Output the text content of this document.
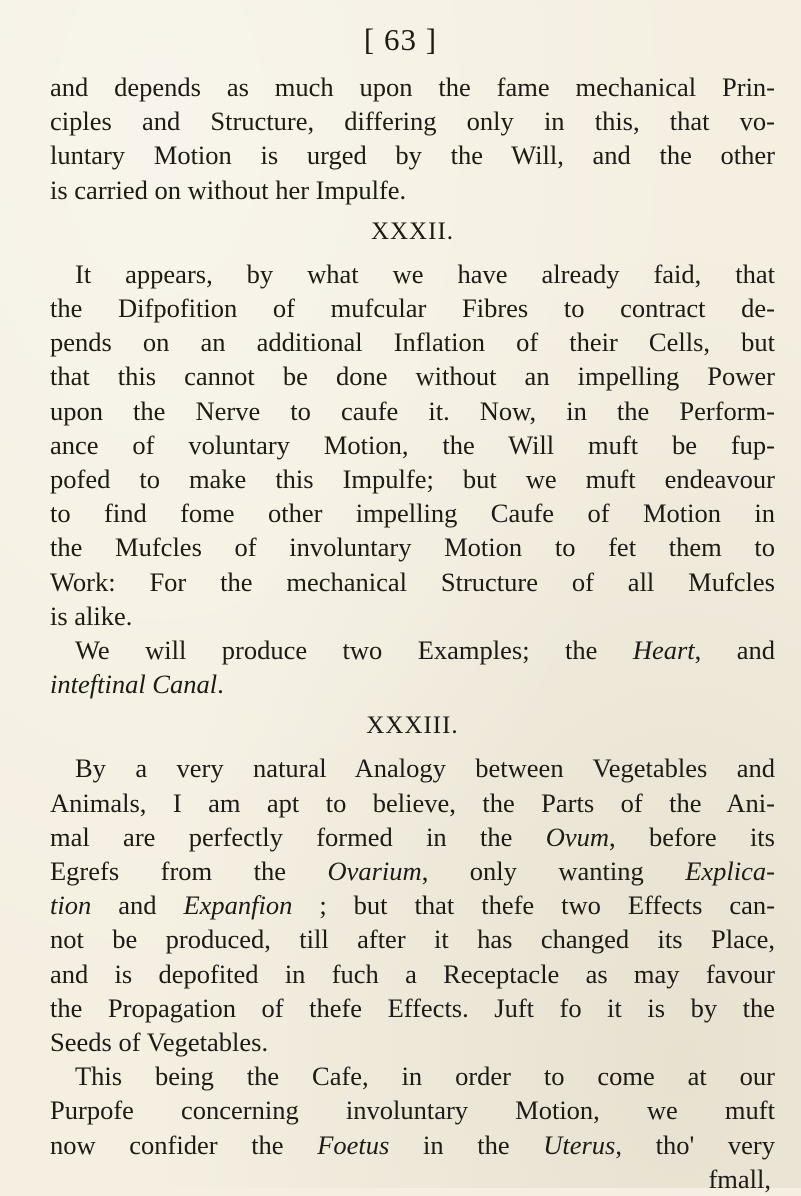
[ 63 ]
and depends as much upon the fame mechanical Prin-
ciples and Structure, differing only in this, that vo-
luntary Motion is urged by the Will, and the other
is carried on without her Impulfe.
XXXII.
It appears, by what we have already faid, that
the Difpofition of mufcular Fibres to contract de-
pends on an additional Inflation of their Cells, but
that this cannot be done without an impelling Power
upon the Nerve to caufe it. Now, in the Perform-
ance of voluntary Motion, the Will muft be fup-
pofed to make this Impulfe; but we muft endeavour
to find fome other impelling Caufe of Motion in
the Mufcles of involuntary Motion to fet them to
Work: For the mechanical Structure of all Mufcles
is alike.
We will produce two Examples; the Heart, and
inteftinal Canal.
XXXIII.
By a very natural Analogy between Vegetables and
Animals, I am apt to believe, the Parts of the Ani-
mal are perfectly formed in the Ovum, before its
Egrefs from the Ovarium, only wanting Explica-
tion and Expanfion ; but that thefe two Effects can-
not be produced, till after it has changed its Place,
and is depofited in fuch a Receptacle as may favour
the Propagation of thefe Effects. Juft fo it is by the
Seeds of Vegetables.
This being the Cafe, in order to come at our
Purpofe concerning involuntary Motion, we muft
now confider the Foetus in the Uterus, tho' very
fmall,
